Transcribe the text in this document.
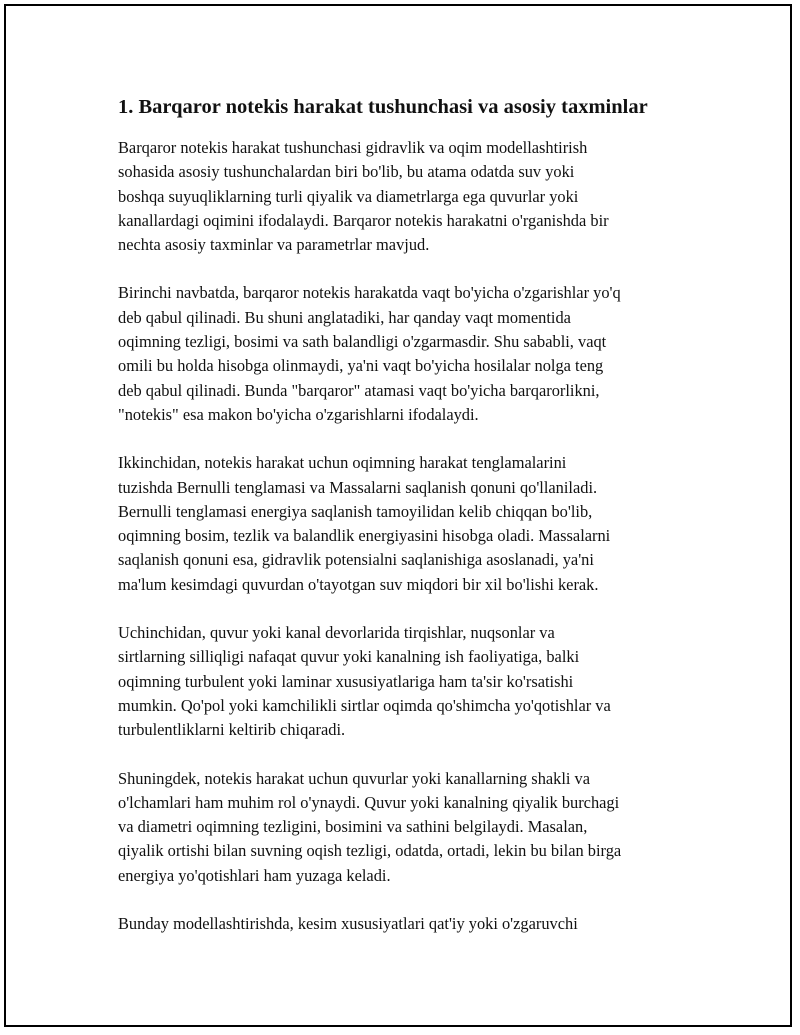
1. Barqaror notekis harakat tushunchasi va asosiy taxminlar

Barqaror notekis harakat tushunchasi gidravlik va oqim modellashtirish
sohasida asosiy tushunchalardan biri bo'lib, bu atama odatda suv yoki
boshqa suyuqliklarning turli qiyalik va diametrlarga ega quvurlar yoki
kanallardagi oqimini ifodalaydi. Barqaror notekis harakatni o'rganishda bir
nechta asosiy taxminlar va parametrlar mavjud.

Birinchi navbatda, barqaror notekis harakatda vaqt bo'yicha o'zgarishlar yo'q
deb qabul qilinadi. Bu shuni anglatadiki, har qanday vaqt momentida
oqimning tezligi, bosimi va sath balandligi o'zgarmasdir. Shu sababli, vaqt
omili bu holda hisobga olinmaydi, ya'ni vaqt bo'yicha hosilalar nolga teng
deb qabul qilinadi. Bunda "barqaror" atamasi vaqt bo'yicha barqarorlikni,
"notekis" esa makon bo'yicha o'zgarishlarni ifodalaydi.

Ikkinchidan, notekis harakat uchun oqimning harakat tenglamalarini
tuzishda Bernulli tenglamasi va Massalarni saqlanish qonuni qo'llaniladi.
Bernulli tenglamasi energiya saqlanish tamoyilidan kelib chiqqan bo'lib,
oqimning bosim, tezlik va balandlik energiyasini hisobga oladi. Massalarni
saqlanish qonuni esa, gidravlik potensialni saqlanishiga asoslanadi, ya'ni
ma'lum kesimdagi quvurdan o'tayotgan suv miqdori bir xil bo'lishi kerak.

Uchinchidan, quvur yoki kanal devorlarida tirqishlar, nuqsonlar va
sirtlarning silliqligi nafaqat quvur yoki kanalning ish faoliyatiga, balki
oqimning turbulent yoki laminar xususiyatlariga ham ta'sir ko'rsatishi
mumkin. Qo'pol yoki kamchilikli sirtlar oqimda qo'shimcha yo'qotishlar va
turbulentliklarni keltirib chiqaradi.

Shuningdek, notekis harakat uchun quvurlar yoki kanallarning shakli va
o'lchamlari ham muhim rol o'ynaydi. Quvur yoki kanalning qiyalik burchagi
va diametri oqimning tezligini, bosimini va sathini belgilaydi. Masalan,
qiyalik ortishi bilan suvning oqish tezligi, odatda, ortadi, lekin bu bilan birga
energiya yo'qotishlari ham yuzaga keladi.

Bunday modellashtirishda, kesim xususiyatlari qat'iy yoki o'zgaruvchi
